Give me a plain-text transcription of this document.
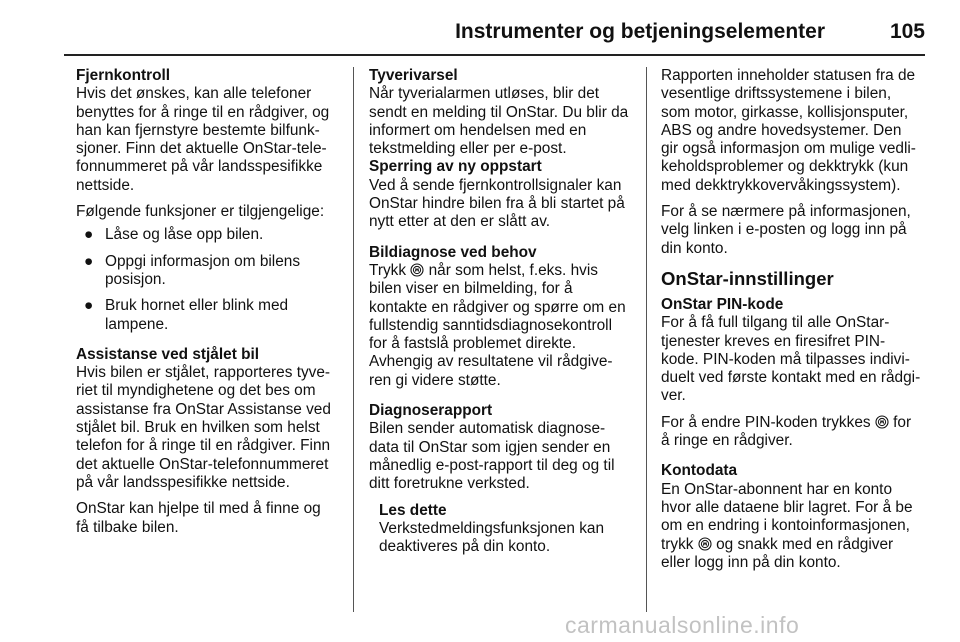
Instrumenter og betjeningselementer	105
Fjernkontroll
Hvis det ønskes, kan alle telefoner
benyttes for å ringe til en rådgiver, og
han kan fjernstyre bestemte bilfunk‐
sjoner. Finn det aktuelle OnStar-tele‐
fonnummeret på vår landsspesifikke
nettside.
Følgende funksjoner er tilgjengelige:
● Låse og låse opp bilen.
● Oppgi informasjon om bilens
posisjon.
● Bruk hornet eller blink med
lampene.
Assistanse ved stjålet bil
Hvis bilen er stjålet, rapporteres tyve‐
riet til myndighetene og det bes om
assistanse fra OnStar Assistanse ved
stjålet bil. Bruk en hvilken som helst
telefon for å ringe til en rådgiver. Finn
det aktuelle OnStar-telefonnummeret
på vår landsspesifikke nettside.
OnStar kan hjelpe til med å finne og
få tilbake bilen.
Tyverivarsel
Når tyverialarmen utløses, blir det
sendt en melding til OnStar. Du blir da
informert om hendelsen med en
tekstmelding eller per e-post.
Sperring av ny oppstart
Ved å sende fjernkontrollsignaler kan
OnStar hindre bilen fra å bli startet på
nytt etter at den er slått av.
Bildiagnose ved behov
Trykk når som helst, f.eks. hvis
bilen viser en bilmelding, for å
kontakte en rådgiver og spørre om en
fullstendig sanntidsdiagnosekontroll
for å fastslå problemet direkte.
Avhengig av resultatene vil rådgive‐
ren gi videre støtte.
Diagnoserapport
Bilen sender automatisk diagnose‐
data til OnStar som igjen sender en
månedlig e-post-rapport til deg og til
ditt foretrukne verksted.
Les dette
Verkstedmeldingsfunksjonen kan
deaktiveres på din konto.
Rapporten inneholder statusen fra de
vesentlige driftssystemene i bilen,
som motor, girkasse, kollisjonsputer,
ABS og andre hovedsystemer. Den
gir også informasjon om mulige vedli‐
keholdsproblemer og dekktrykk (kun
med dekktrykkovervåkingssystem).
For å se nærmere på informasjonen,
velg linken i e-posten og logg inn på
din konto.
OnStar-innstillinger
OnStar PIN-kode
For å få full tilgang til alle OnStar-
tjenester kreves en firesifret PIN-
kode. PIN-koden må tilpasses indivi‐
duelt ved første kontakt med en rådgi‐
ver.
For å endre PIN-koden trykkes for
å ringe en rådgiver.
Kontodata
En OnStar-abonnent har en konto
hvor alle dataene blir lagret. For å be
om en endring i kontoinformasjonen,
trykk og snakk med en rådgiver
eller logg inn på din konto.
carmanualsonline.info
